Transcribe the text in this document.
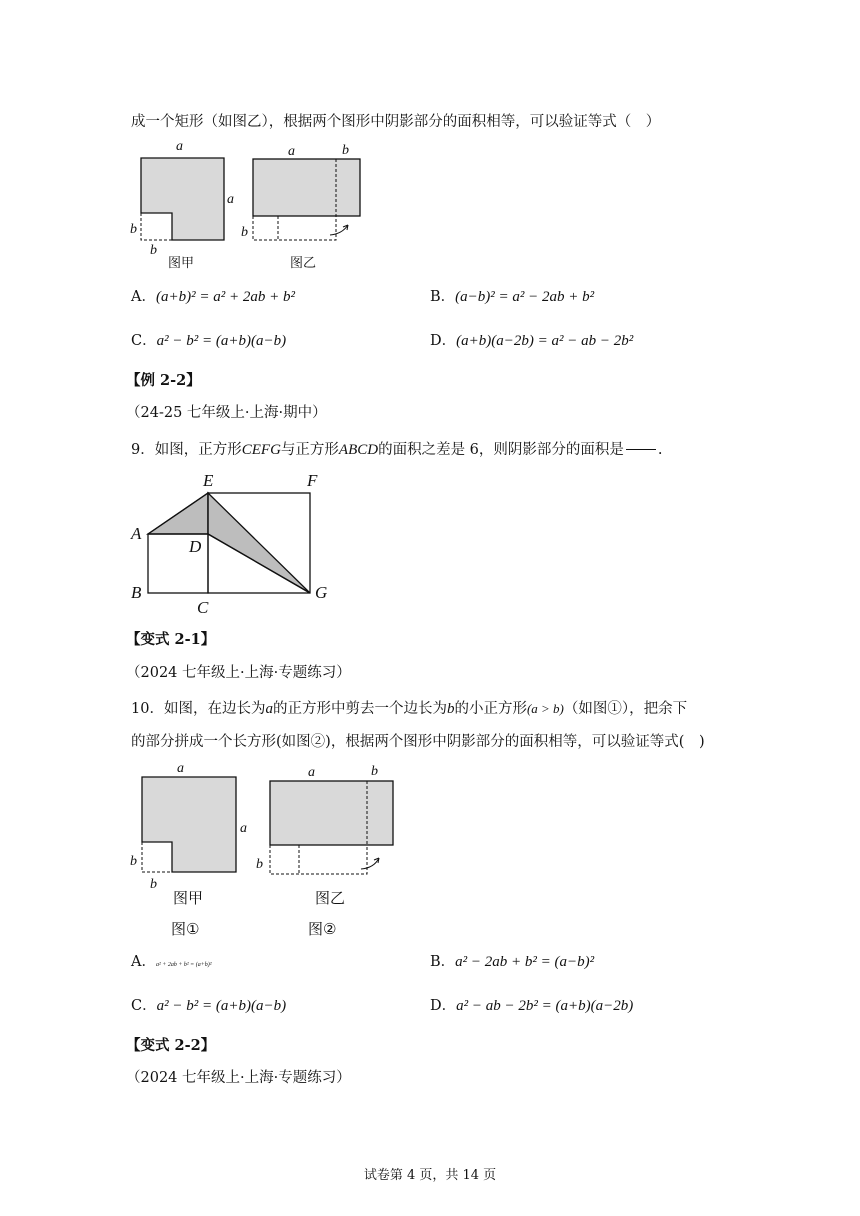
成一个矩形（如图乙），根据两个图形中阴影部分的面积相等，可以验证等式（　）
a
a
b
b
图甲
a	b
b
图乙
A．(a+b)² = a² + 2ab + b²	B．(a−b)² = a² − 2ab + b²
C．a² − b² = (a+b)(a−b)	D．(a+b)(a−2b) = a² − ab − 2b²
【例 2-2】
（24-25 七年级上·上海·期中）
9．如图，正方形CEFG与正方形ABCD的面积之差是 6，则阴影部分的面积是 .
A
B
C
D
E	F
G
【变式 2-1】
（2024 七年级上·上海·专题练习）
10．如图，在边长为a的正方形中剪去一个边长为b的小正方形(a > b)（如图①），把余下
的部分拼成一个长方形(如图②)，根据两个图形中阴影部分的面积相等，可以验证等式(　)
a
a
b
b
图甲
图①
a	b
b
图乙
图②
A．a² + 2ab + b² = (a+b)²	B．a² − 2ab + b² = (a−b)²
C．a² − b² = (a+b)(a−b)	D．a² − ab − 2b² = (a+b)(a−2b)
【变式 2-2】
（2024 七年级上·上海·专题练习）
试卷第 4 页，共 14 页
